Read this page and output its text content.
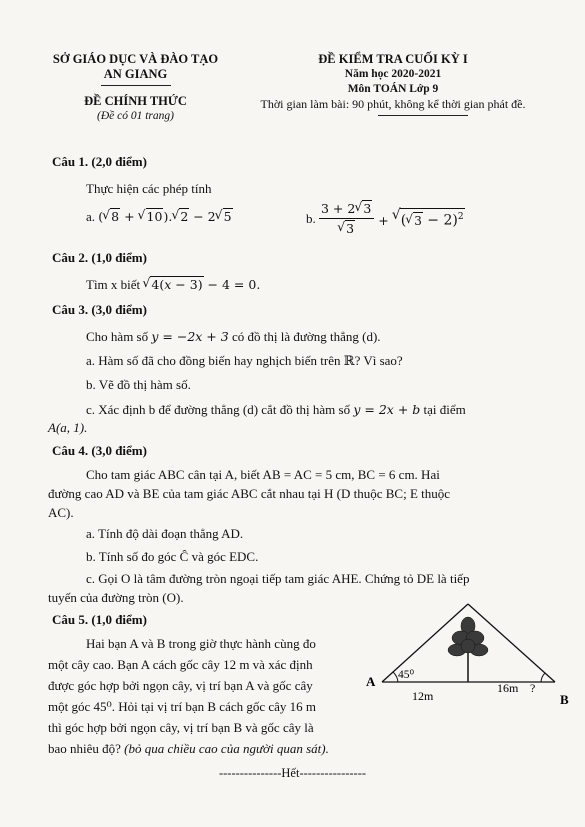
SỞ GIÁO DỤC VÀ ĐÀO TẠO
AN GIANG
ĐỀ CHÍNH THỨC
(Đề có 01 trang)
ĐỀ KIỂM TRA CUỐI KỲ I
Năm học 2020-2021
Môn TOÁN Lớp 9
Thời gian làm bài: 90 phút, không kể thời gian phát đề.
Câu 1. (2,0 điểm)
Thực hiện các phép tính
a. ( √ 8 + √ 10). √ 2 − 2 √ 5	b. 3 + 2 √ 3
√ 3 + √ ( √ 3 − 2)$^2$
Câu 2. (1,0 điểm)
Tìm x biết √ 4(x − 3) − 4 = 0.
Câu 3. (3,0 điểm)
Cho hàm số y = −2x + 3 có đồ thị là đường thẳng (d).
a. Hàm số đã cho đồng biến hay nghịch biến trên ℝ? Vì sao?
b. Vẽ đồ thị hàm số.
c. Xác định b để đường thẳng (d) cắt đồ thị hàm số y = 2x + b tại điểm
A(a, 1).
Câu 4. (3,0 điểm)
Cho tam giác ABC cân tại A, biết AB = AC = 5 cm, BC = 6 cm. Hai
đường cao AD và BE của tam giác ABC cắt nhau tại H (D thuộc BC; E thuộc
AC).
a. Tính độ dài đoạn thẳng AD.
b. Tính số đo góc Ĉ và góc EDC.
c. Gọi O là tâm đường tròn ngoại tiếp tam giác AHE. Chứng tỏ DE là tiếp
tuyến của đường tròn (O).
Câu 5. (1,0 điểm)
Hai bạn A và B trong giờ thực hành cùng đo
một cây cao. Bạn A cách gốc cây 12 m và xác định
được góc hợp bởi ngọn cây, vị trí bạn A và gốc cây
một góc 45⁰. Hỏi tại vị trí bạn B cách gốc cây 16 m
thì góc hợp bởi ngọn cây, vị trí bạn B và gốc cây là
bao nhiêu độ? (bỏ qua chiều cao của người quan sát).
A
B
45⁰
12m
16m ?
---------------Hết----------------
